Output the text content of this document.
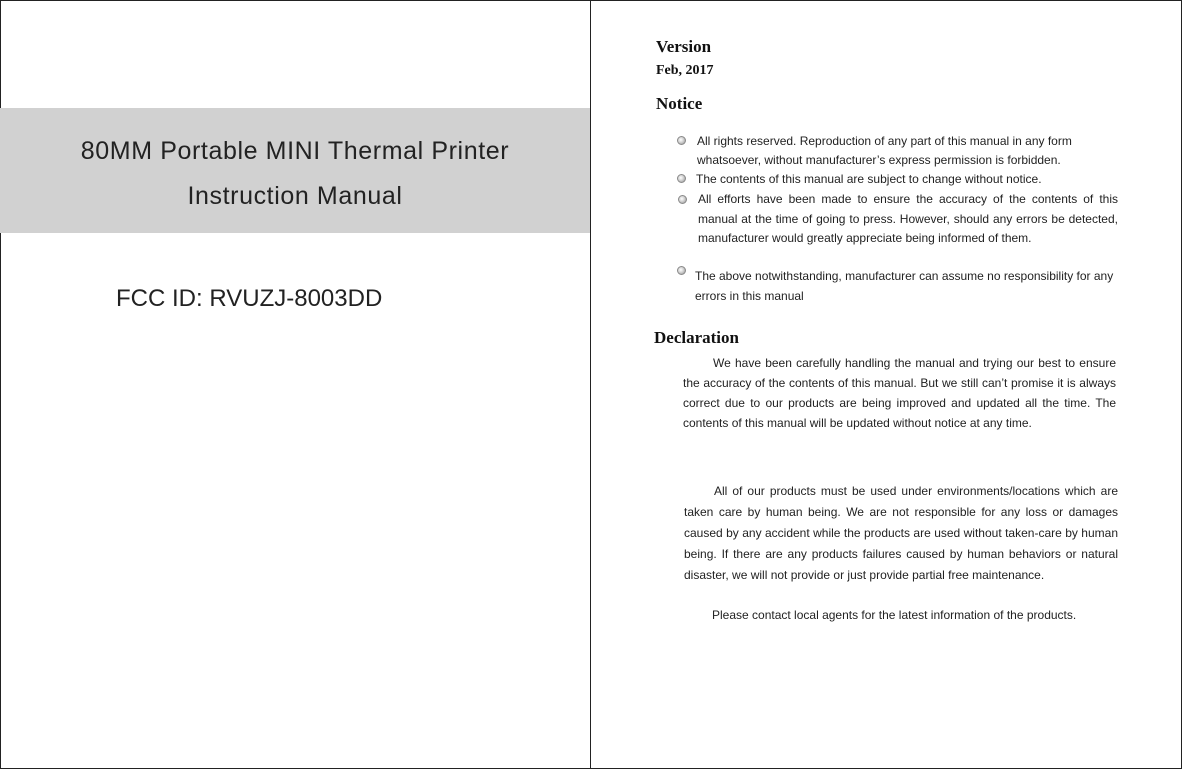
80MM Portable MINI Thermal Printer
Instruction Manual
FCC ID: RVUZJ-8003DD
Version
Feb, 2017
Notice

All rights reserved. Reproduction of any part of this manual in any form whatsoever, without manufacturer’s express permission is forbidden.

The contents of this manual are subject to change without notice.

All efforts have been made to ensure the accuracy of the contents of this manual at the time of going to press. However, should any errors be detected, manufacturer would greatly appreciate being informed of them.

The above notwithstanding, manufacturer can assume no responsibility for any errors in this manual

Declaration

We have been carefully handling the manual and trying our best to ensure the accuracy of the contents of this manual. But we still can’t promise it is always correct due to our products are being improved and updated all the time. The contents of this manual will be updated without notice at any time.

All of our products must be used under environments/locations which are taken care by human being. We are not responsible for any loss or damages caused by any accident while the products are used without taken-care by human being. If there are any products failures caused by human behaviors or natural disaster, we will not provide or just provide partial free maintenance.

Please contact local agents for the latest information of the products.
